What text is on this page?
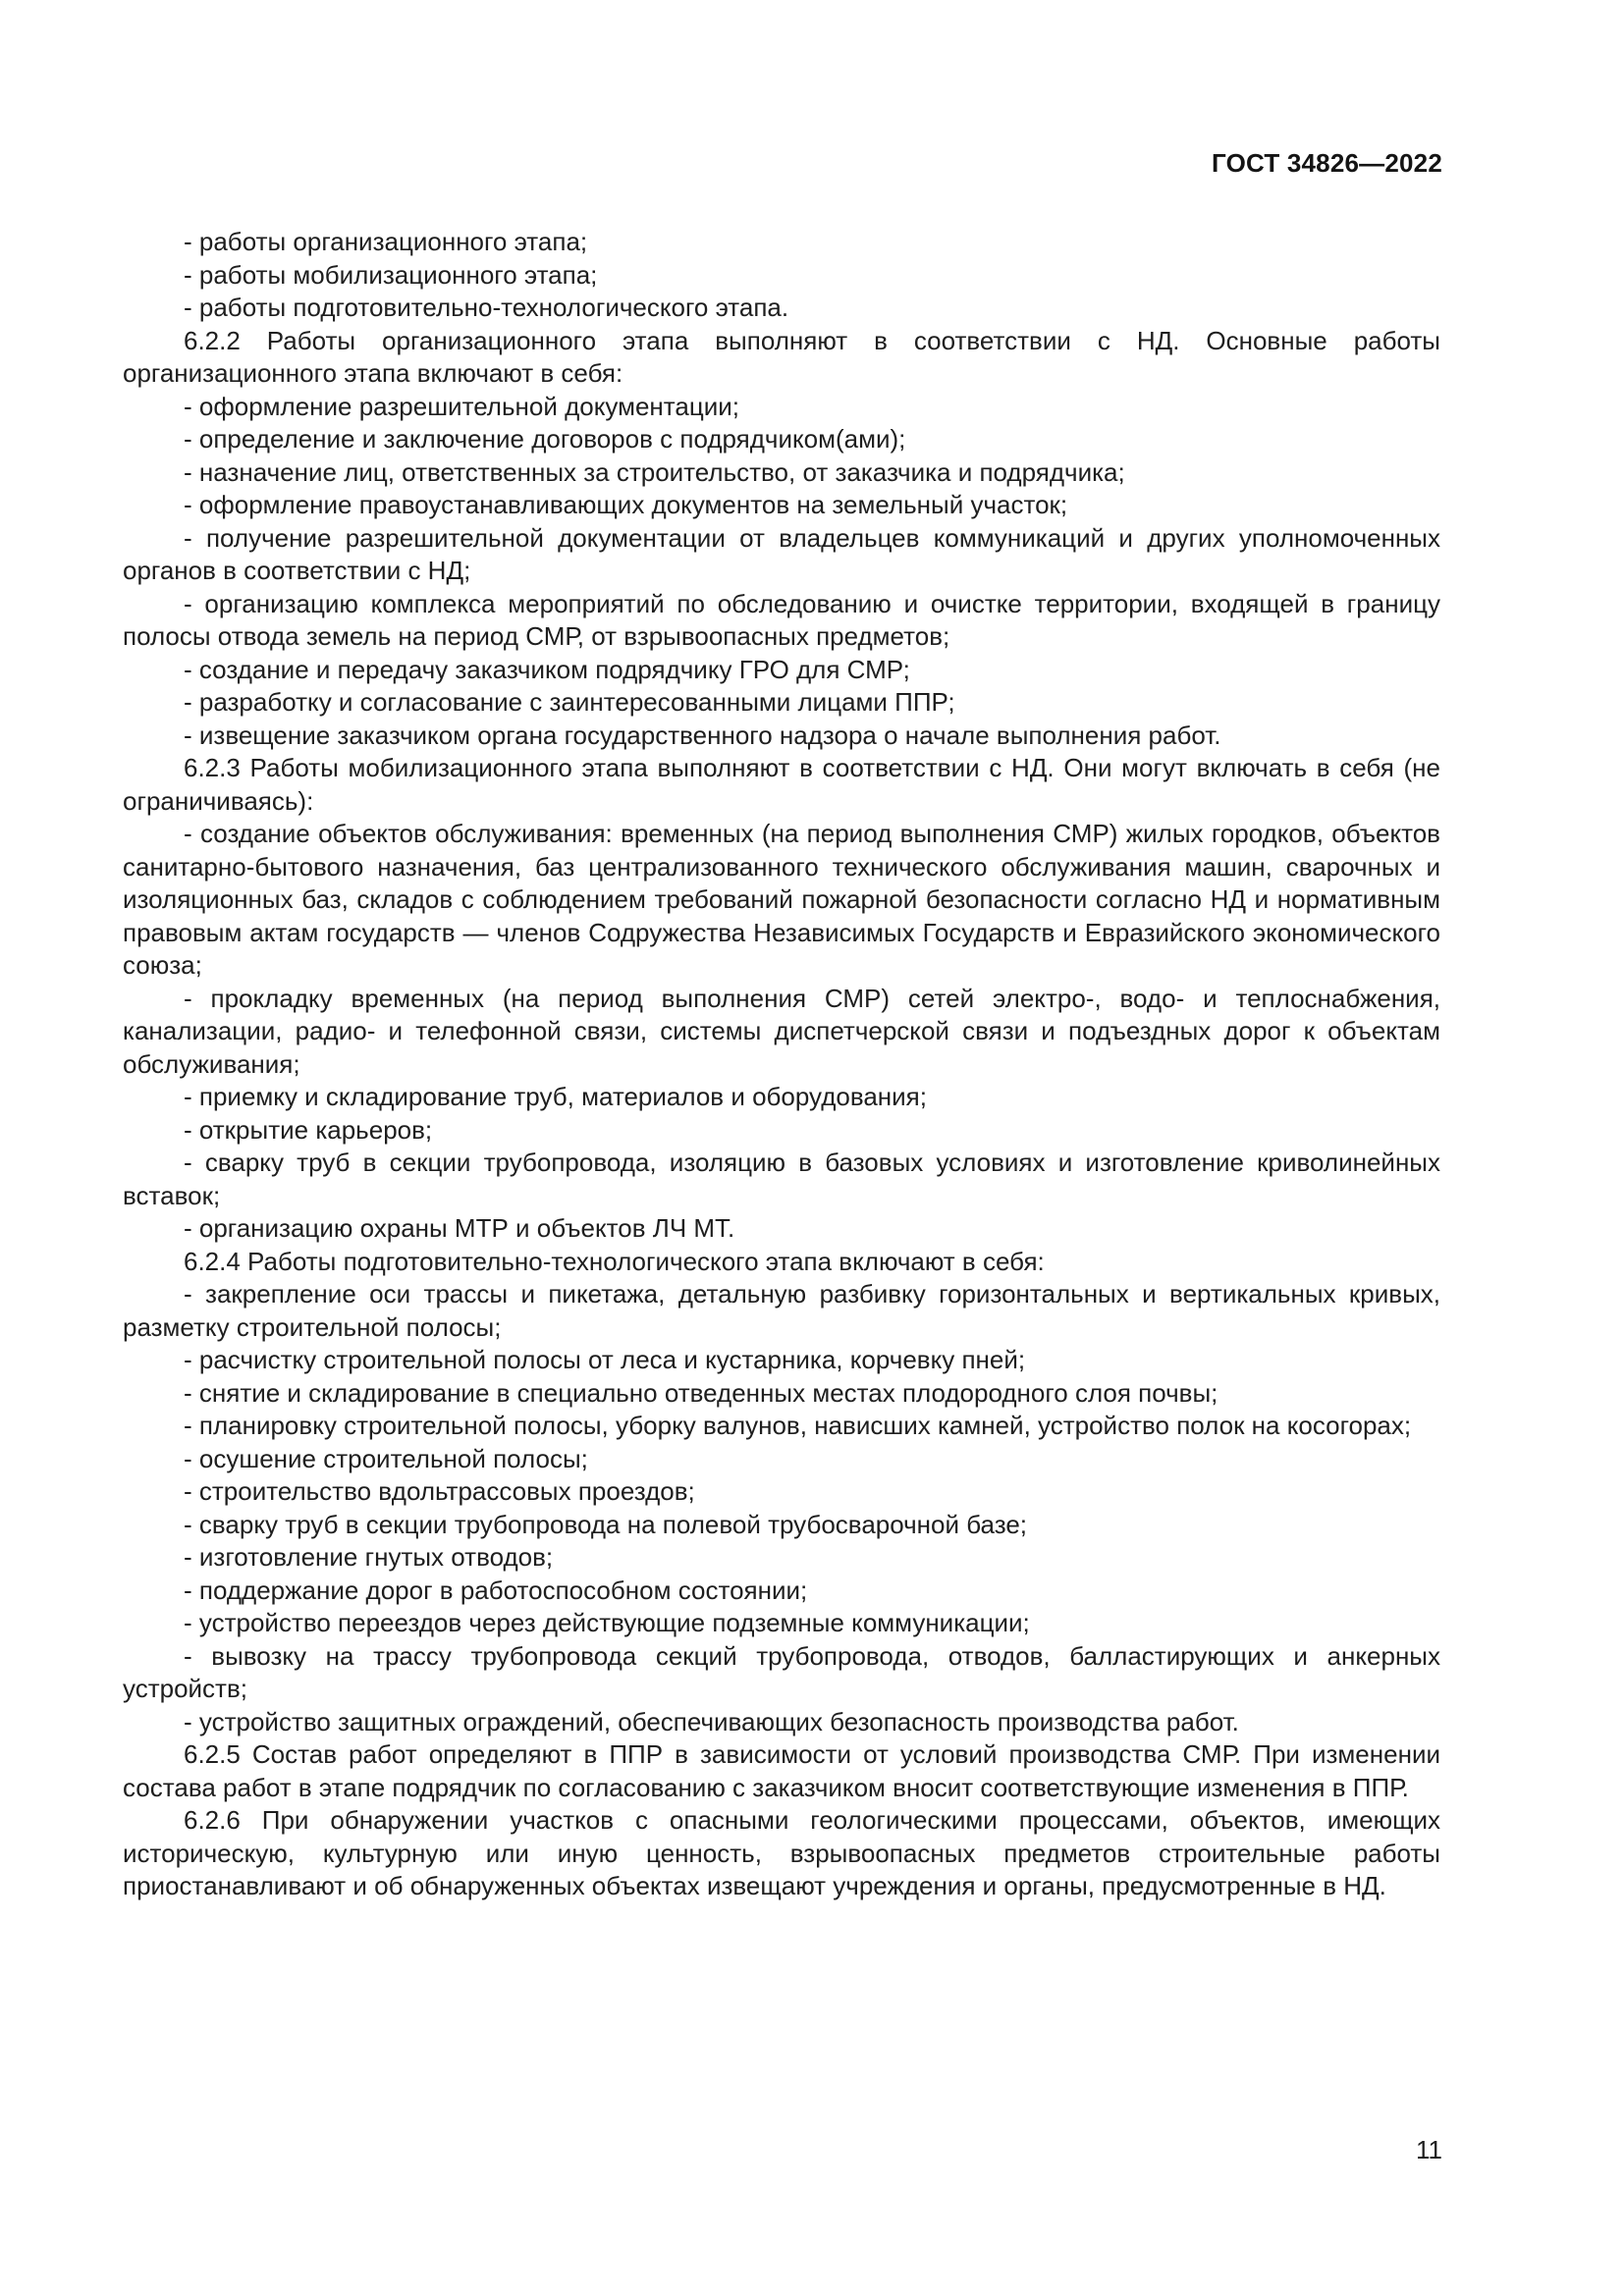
ГОСТ 34826—2022

- работы организационного этапа;

- работы мобилизационного этапа;

- работы подготовительно-технологического этапа.

6.2.2 Работы организационного этапа выполняют в соответствии с НД. Основные работы организационного этапа включают в себя:

- оформление разрешительной документации;

- определение и заключение договоров с подрядчиком(ами);

- назначение лиц, ответственных за строительство, от заказчика и подрядчика;

- оформление правоустанавливающих документов на земельный участок;

- получение разрешительной документации от владельцев коммуникаций и других уполномоченных органов в соответствии с НД;

- организацию комплекса мероприятий по обследованию и очистке территории, входящей в границу полосы отвода земель на период СМР, от взрывоопасных предметов;

- создание и передачу заказчиком подрядчику ГРО для СМР;

- разработку и согласование с заинтересованными лицами ППР;

- извещение заказчиком органа государственного надзора о начале выполнения работ.

6.2.3 Работы мобилизационного этапа выполняют в соответствии с НД. Они могут включать в себя (не ограничиваясь):

- создание объектов обслуживания: временных (на период выполнения СМР) жилых городков, объектов санитарно-бытового назначения, баз централизованного технического обслуживания машин, сварочных и изоляционных баз, складов с соблюдением требований пожарной безопасности согласно НД и нормативным правовым актам государств — членов Содружества Независимых Государств и Евразийского экономического союза;

- прокладку временных (на период выполнения СМР) сетей электро-, водо- и теплоснабжения, канализации, радио- и телефонной связи, системы диспетчерской связи и подъездных дорог к объектам обслуживания;

- приемку и складирование труб, материалов и оборудования;

- открытие карьеров;

- сварку труб в секции трубопровода, изоляцию в базовых условиях и изготовление криволинейных вставок;

- организацию охраны МТР и объектов ЛЧ МТ.

6.2.4 Работы подготовительно-технологического этапа включают в себя:

- закрепление оси трассы и пикетажа, детальную разбивку горизонтальных и вертикальных кривых, разметку строительной полосы;

- расчистку строительной полосы от леса и кустарника, корчевку пней;

- снятие и складирование в специально отведенных местах плодородного слоя почвы;

- планировку строительной полосы, уборку валунов, нависших камней, устройство полок на косогорах;

- осушение строительной полосы;

- строительство вдольтрассовых проездов;

- сварку труб в секции трубопровода на полевой трубосварочной базе;

- изготовление гнутых отводов;

- поддержание дорог в работоспособном состоянии;

- устройство переездов через действующие подземные коммуникации;

- вывозку на трассу трубопровода секций трубопровода, отводов, балластирующих и анкерных устройств;

- устройство защитных ограждений, обеспечивающих безопасность производства работ.

6.2.5 Состав работ определяют в ППР в зависимости от условий производства СМР. При изменении состава работ в этапе подрядчик по согласованию с заказчиком вносит соответствующие изменения в ППР.

6.2.6 При обнаружении участков с опасными геологическими процессами, объектов, имеющих историческую, культурную или иную ценность, взрывоопасных предметов строительные работы приостанавливают и об обнаруженных объектах извещают учреждения и органы, предусмотренные в НД.

11
